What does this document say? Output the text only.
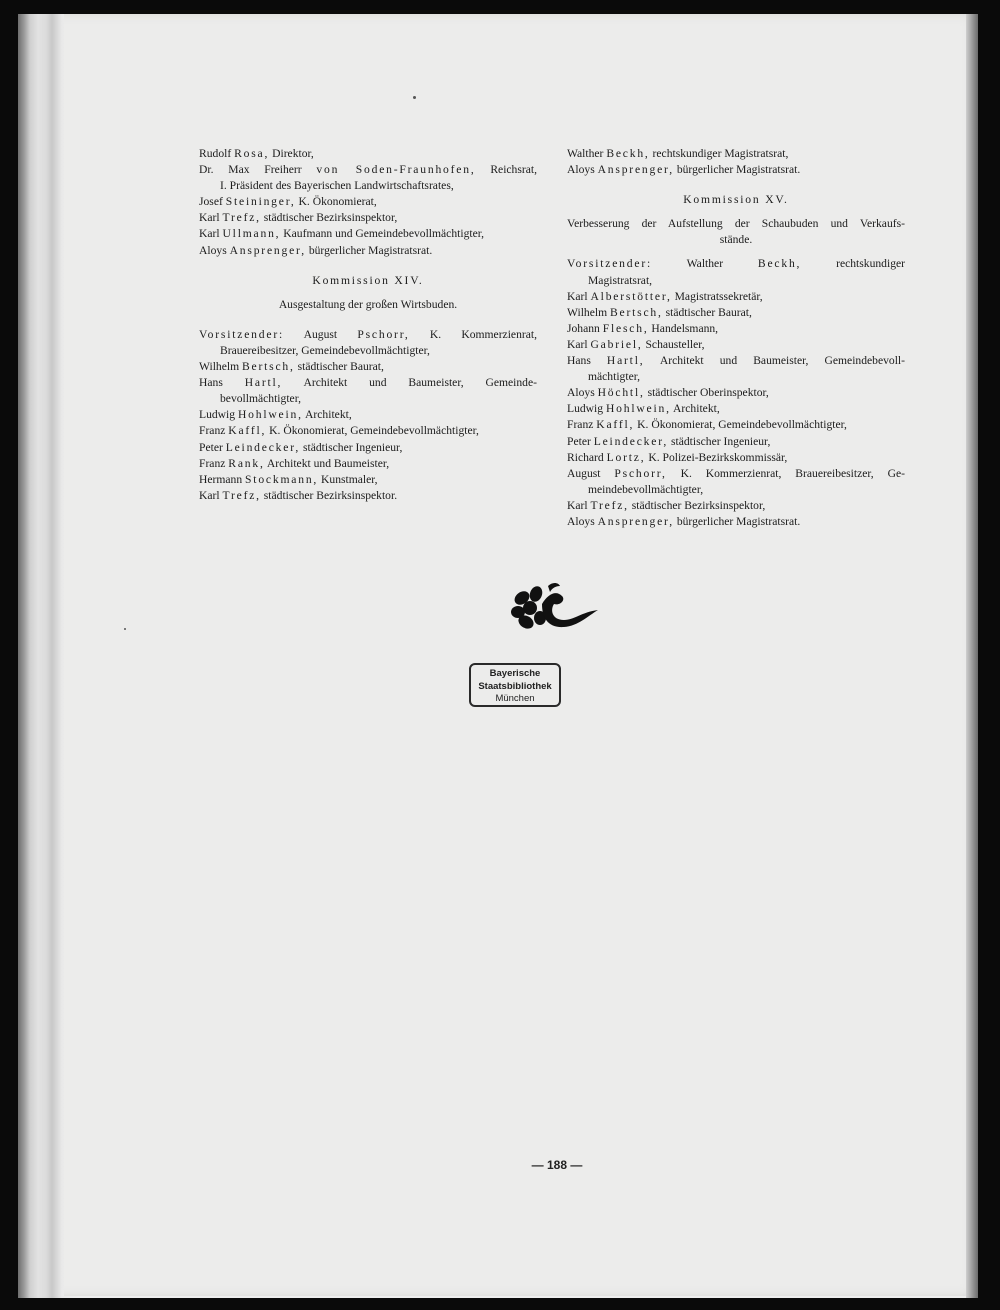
Rudolf Rosa, Direktor,
Dr. Max Freiherr von Soden-Fraunhofen, Reichsrat,
I. Präsident des Bayerischen Landwirtschaftsrates,
Josef Steininger, K. Ökonomierat,
Karl Trefz, städtischer Bezirksinspektor,
Karl Ullmann, Kaufmann und Gemeindebevollmächtigter,
Aloys Ansprenger, bürgerlicher Magistratsrat.
Kommission XIV.
Ausgestaltung der großen Wirtsbuden.
Vorsitzender: August Pschorr, K. Kommerzienrat,
Brauereibesitzer, Gemeindebevollmächtigter,
Wilhelm Bertsch, städtischer Baurat,
Hans Hartl, Architekt und Baumeister, Gemeinde-
bevollmächtigter,
Ludwig Hohlwein, Architekt,
Franz Kaffl, K. Ökonomierat, Gemeindebevollmächtigter,
Peter Leindecker, städtischer Ingenieur,
Franz Rank, Architekt und Baumeister,
Hermann Stockmann, Kunstmaler,
Karl Trefz, städtischer Bezirksinspektor.
Walther Beckh, rechtskundiger Magistratsrat,
Aloys Ansprenger, bürgerlicher Magistratsrat.
Kommission XV.
Verbesserung der Aufstellung der Schaubuden und Verkaufs-
stände.
Vorsitzender: Walther Beckh, rechtskundiger
Magistratsrat,
Karl Alberstötter, Magistratssekretär,
Wilhelm Bertsch, städtischer Baurat,
Johann Flesch, Handelsmann,
Karl Gabriel, Schausteller,
Hans Hartl, Architekt und Baumeister, Gemeindebevoll-
mächtigter,
Aloys Höchtl, städtischer Oberinspektor,
Ludwig Hohlwein, Architekt,
Franz Kaffl, K. Ökonomierat, Gemeindebevollmächtigter,
Peter Leindecker, städtischer Ingenieur,
Richard Lortz, K. Polizei-Bezirkskommissär,
August Pschorr, K. Kommerzienrat, Brauereibesitzer, Ge-
meindebevollmächtigter,
Karl Trefz, städtischer Bezirksinspektor,
Aloys Ansprenger, bürgerlicher Magistratsrat.
Bayerische
Staatsbibliothek
München
— 188 —
